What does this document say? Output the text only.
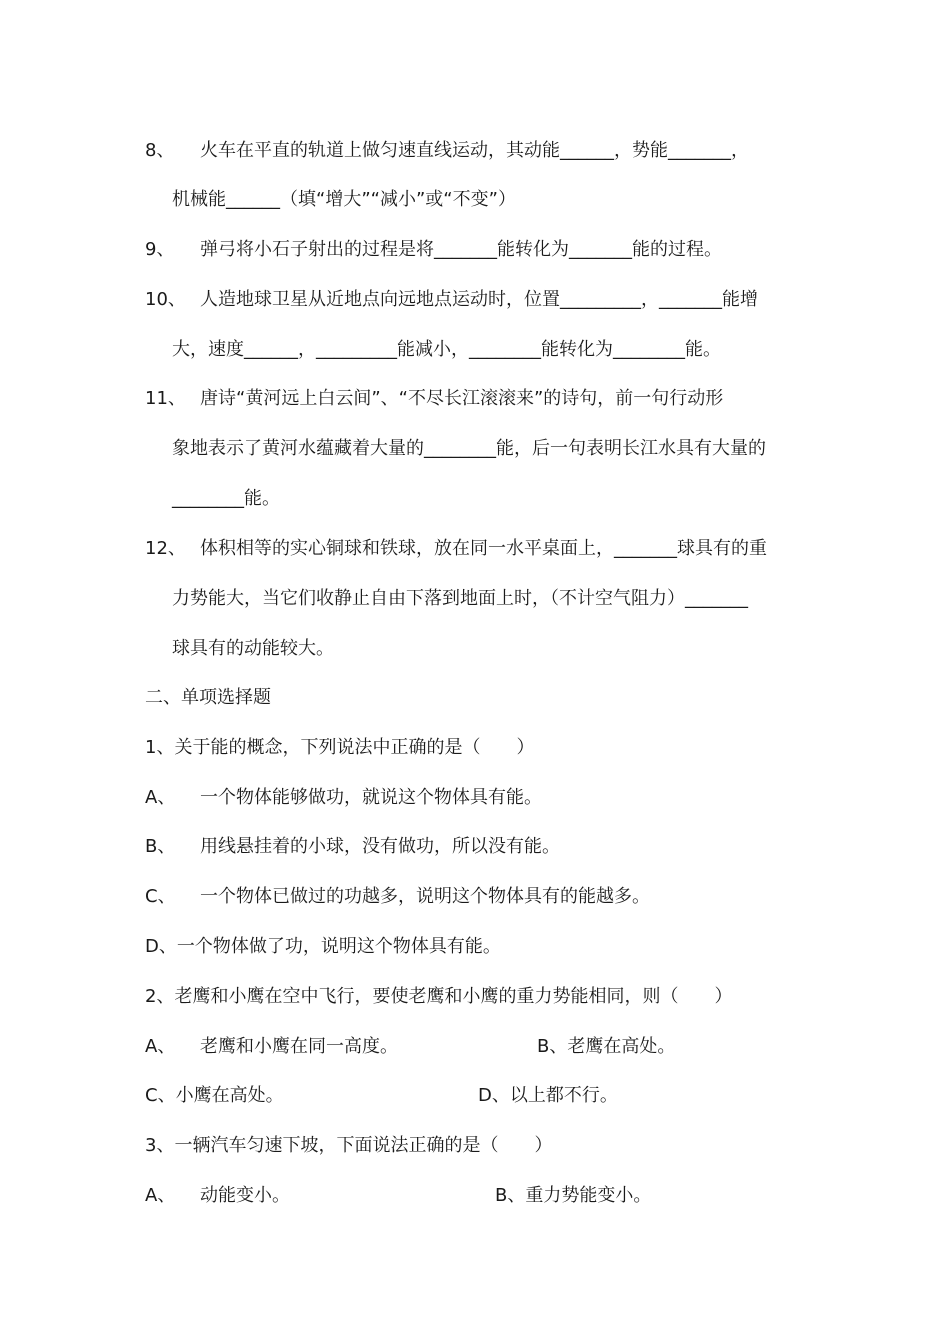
8、 火车在平直的轨道上做匀速直线运动，其动能______，势能_______，
机械能______（填“增大”“减小”或“不变”）
9、 弹弓将小石子射出的过程是将_______能转化为_______能的过程。
10、 人造地球卫星从近地点向远地点运动时，位置_________，_______能增
大，速度______，_________能减小，________能转化为________能。
11、 唐诗“黄河远上白云间”、“不尽长江滚滚来”的诗句，前一句行动形
象地表示了黄河水蕴藏着大量的________能，后一句表明长江水具有大量的
________能。
12、 体积相等的实心铜球和铁球，放在同一水平桌面上，_______球具有的重
力势能大，当它们收静止自由下落到地面上时，（不计空气阻力）_______
球具有的动能较大。
二、单项选择题
1、关于能的概念，下列说法中正确的是（　　）
A、 一个物体能够做功，就说这个物体具有能。
B、 用线悬挂着的小球，没有做功，所以没有能。
C、 一个物体已做过的功越多，说明这个物体具有的能越多。
D、一个物体做了功，说明这个物体具有能。
2、老鹰和小鹰在空中飞行，要使老鹰和小鹰的重力势能相同，则（　　）
A、 老鹰和小鹰在同一高度。	B、老鹰在高处。
C、小鹰在高处。	D、以上都不行。
3、一辆汽车匀速下坡，下面说法正确的是（　　）
A、 动能变小。	B、重力势能变小。
